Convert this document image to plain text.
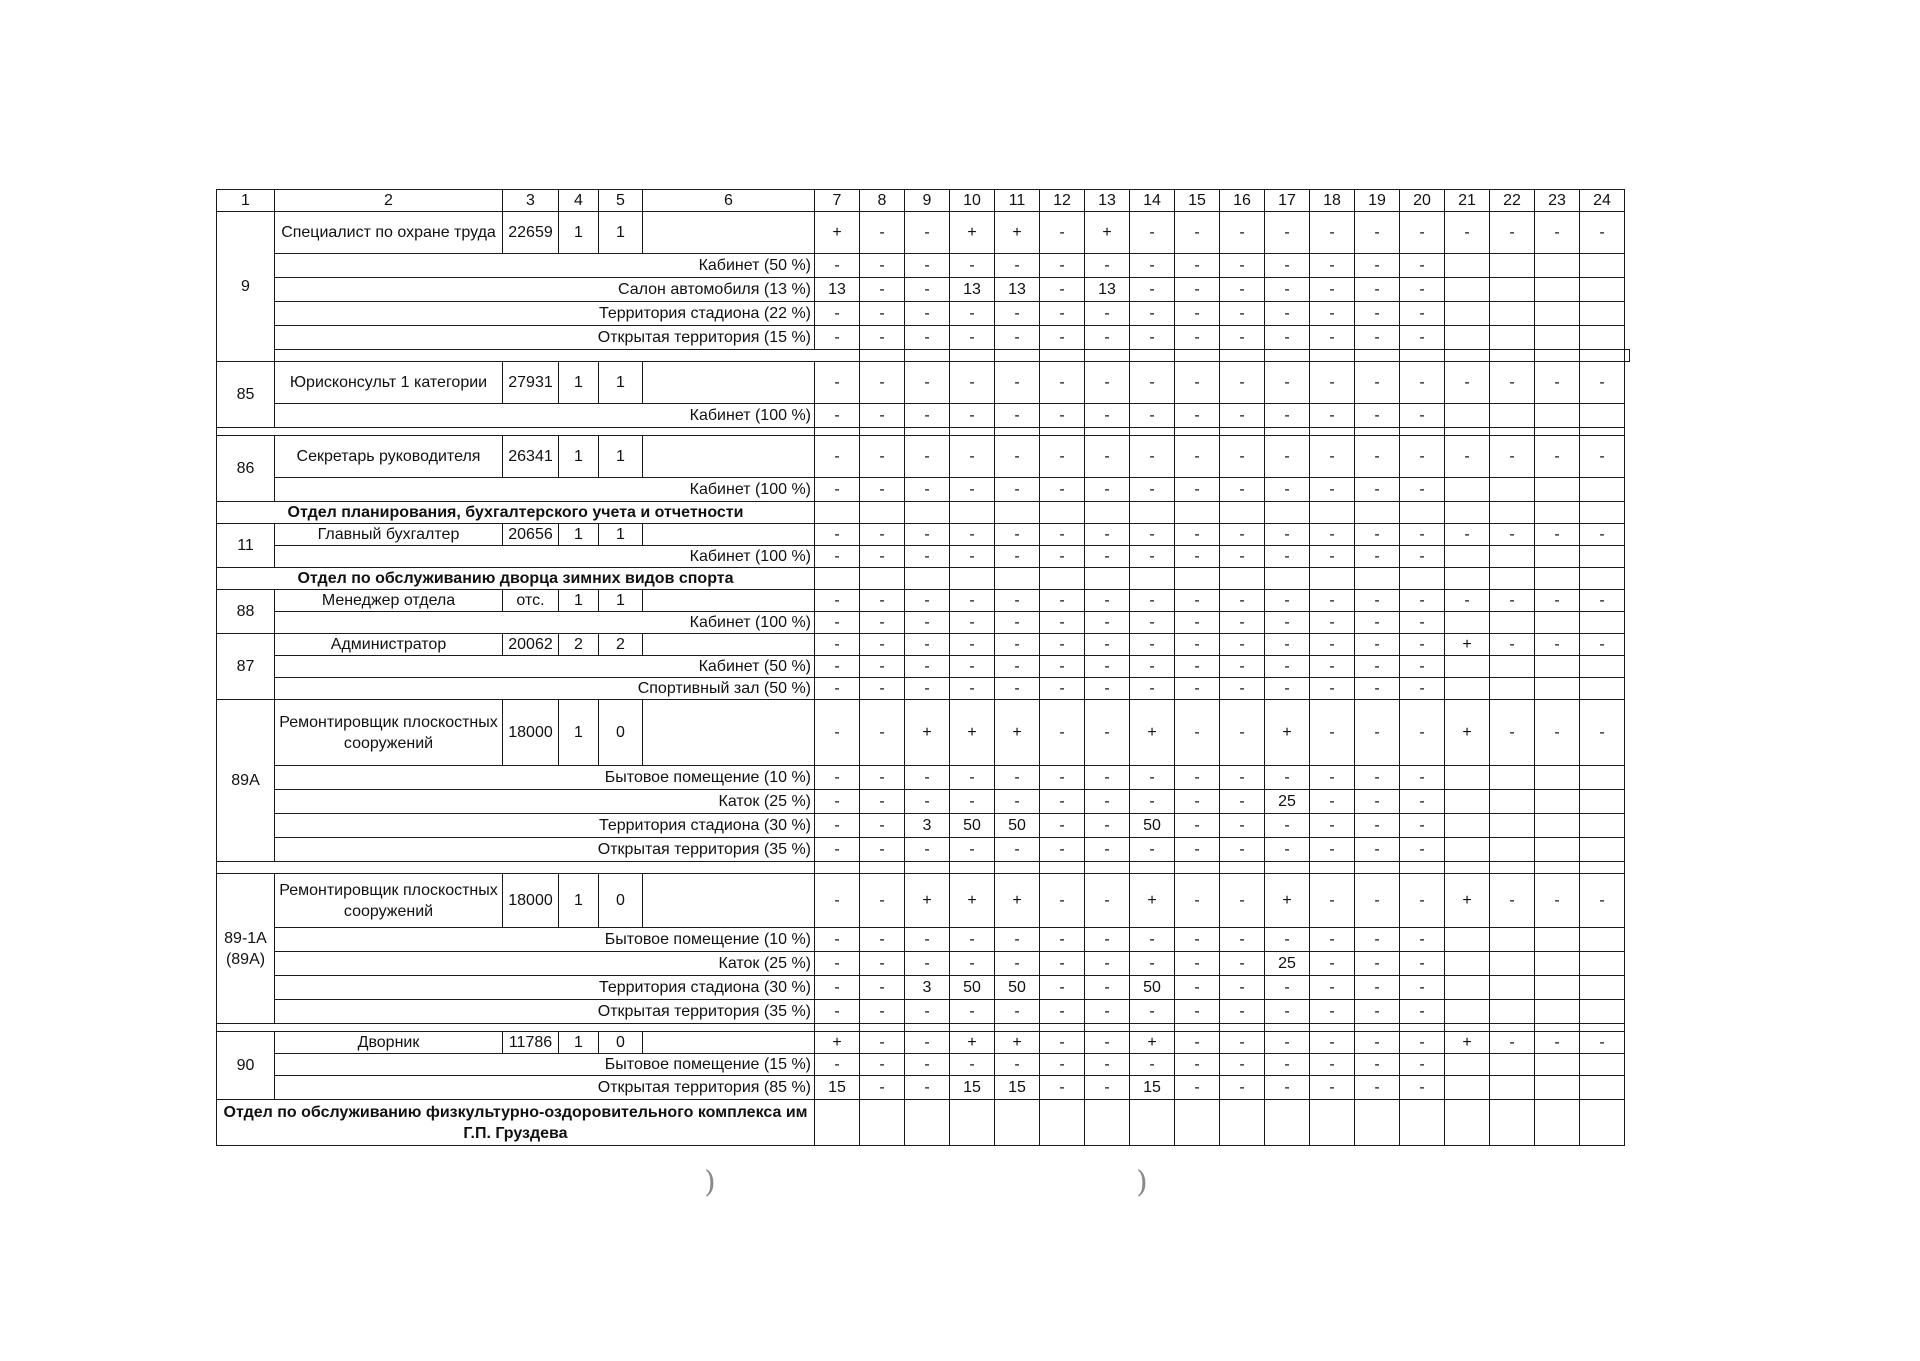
1	2	3	4	5	6	7	8	9	10	11	12	13	14	15	16	17	18	19	20	21	22	23	24	
9	Специалист по охране труда	22659	1	1		+	-	-	+	+	-	+	-	-	-	-	-	-	-	-	-	-	-	
	Кабинет (50 %)					-	-	-	-	-	-	-	-	-	-	-	-	-	-					
	Салон автомобиля (13 %)					13	-	-	13	13	-	13	-	-	-	-	-	-	-					
	Территория стадиона (22 %)					-	-	-	-	-	-	-	-	-	-	-	-	-	-					
	Открытая территория (15 %)					-	-	-	-	-	-	-	-	-	-	-	-	-	-					

85	Юрисконсульт 1 категории	27931	1	1		-	-	-	-	-	-	-	-	-	-	-	-	-	-	-	-	-	-	
	Кабинет (100 %)					-	-	-	-	-	-	-	-	-	-	-	-	-	-					

86	Секретарь руководителя	26341	1	1		-	-	-	-	-	-	-	-	-	-	-	-	-	-	-	-	-	-	
	Кабинет (100 %)					-	-	-	-	-	-	-	-	-	-	-	-	-	-					
Отдел планирования, бухгалтерского учета и отчетности																								
11	Главный бухгалтер	20656	1	1		-	-	-	-	-	-	-	-	-	-	-	-	-	-	-	-	-	-	
	Кабинет (100 %)					-	-	-	-	-	-	-	-	-	-	-	-	-	-					
Отдел по обслуживанию дворца зимних видов спорта																								
88	Менеджер отдела	отс.	1	1		-	-	-	-	-	-	-	-	-	-	-	-	-	-	-	-	-	-	
	Кабинет (100 %)					-	-	-	-	-	-	-	-	-	-	-	-	-	-					
87	Администратор	20062	2	2		-	-	-	-	-	-	-	-	-	-	-	-	-	-	+	-	-	-	
	Кабинет (50 %)					-	-	-	-	-	-	-	-	-	-	-	-	-	-					
	Спортивный зал (50 %)					-	-	-	-	-	-	-	-	-	-	-	-	-	-					
89А	Ремонтировщик плоскостных сооружений	18000	1	0		-	-	+	+	+	-	-	+	-	-	+	-	-	-	+	-	-	-	
	Бытовое помещение (10 %)					-	-	-	-	-	-	-	-	-	-	-	-	-	-					
	Каток (25 %)					-	-	-	-	-	-	-	-	-	-	25	-	-	-					
	Территория стадиона (30 %)					-	-	3	50	50	-	-	50	-	-	-	-	-	-					
	Открытая территория (35 %)					-	-	-	-	-	-	-	-	-	-	-	-	-	-					

89-1А (89А)	Ремонтировщик плоскостных сооружений	18000	1	0		-	-	+	+	+	-	-	+	-	-	+	-	-	-	+	-	-	-	
	Бытовое помещение (10 %)					-	-	-	-	-	-	-	-	-	-	-	-	-	-					
	Каток (25 %)					-	-	-	-	-	-	-	-	-	-	25	-	-	-					
	Территория стадиона (30 %)					-	-	3	50	50	-	-	50	-	-	-	-	-	-					
	Открытая территория (35 %)					-	-	-	-	-	-	-	-	-	-	-	-	-	-					

90	Дворник	11786	1	0		+	-	-	+	+	-	-	+	-	-	-	-	-	-	+	-	-	-	
	Бытовое помещение (15 %)					-	-	-	-	-	-	-	-	-	-	-	-	-	-					
	Открытая территория (85 %)					15	-	-	15	15	-	-	15	-	-	-	-	-	-					
Отдел по обслуживанию физкультурно-оздоровительного комплекса им Г.П. Груздева																								
)	)
